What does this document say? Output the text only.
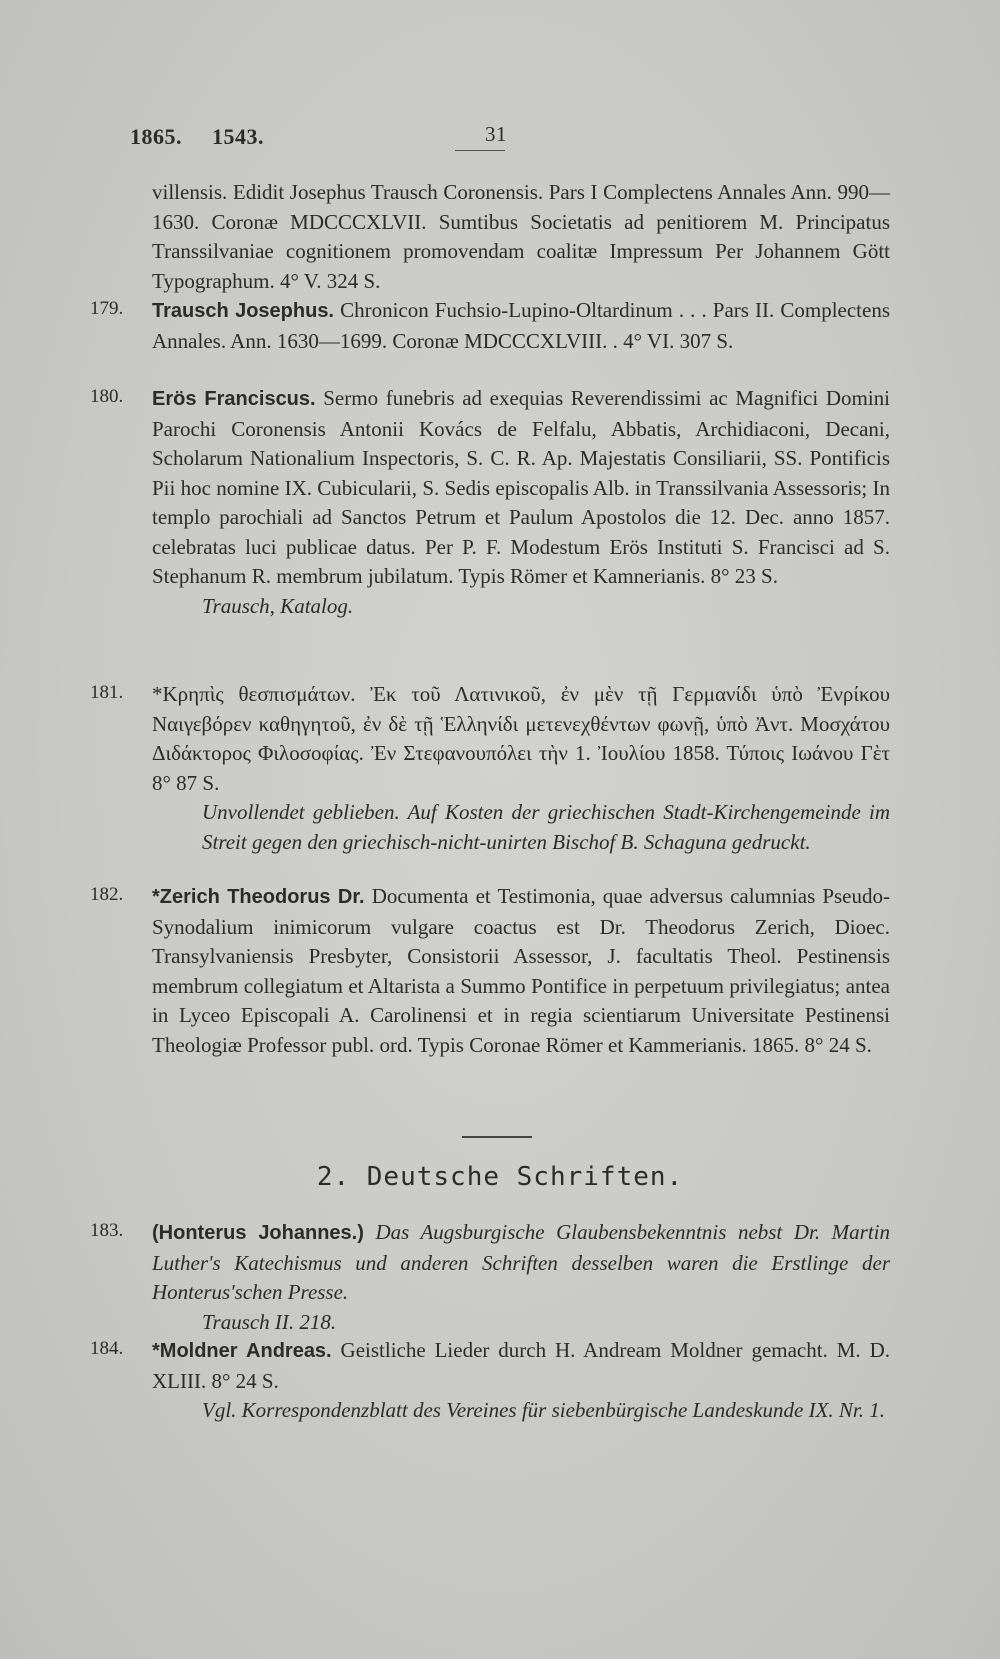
1865. 1543.	31
villensis. Edidit Josephus Trausch Coronensis. Pars I Complectens Annales Ann. 990—1630. Coronæ MDCCCXLVII. Sumtibus Societatis ad penitiorem M. Principatus Transsilvaniae cognitionem promovendam coalitæ Impressum Per Johannem Gött Typographum. 4° V. 324 S.
179.	Trausch Josephus. Chronicon Fuchsio-Lupino-Oltardinum . . . Pars II. Complectens Annales. Ann. 1630—1699. Coronæ MDCCCXLVIII. . 4° VI. 307 S.
180.	Erös Franciscus. Sermo funebris ad exequias Reverendissimi ac Magnifici Domini Parochi Coronensis Antonii Kovács de Felfalu, Abbatis, Archidiaconi, Decani, Scholarum Nationalium Inspectoris, S. C. R. Ap. Majestatis Consiliarii, SS. Pontificis Pii hoc nomine IX. Cubicularii, S. Sedis episcopalis Alb. in Transsilvania Assessoris; In templo parochiali ad Sanctos Petrum et Paulum Apostolos die 12. Dec. anno 1857. celebratas luci publicae datus. Per P. F. Modestum Erös Instituti S. Francisci ad S. Stephanum R. membrum jubilatum. Typis Römer et Kamnerianis. 8° 23 S.
Trausch, Katalog.
181.	*Κρηπὶς θεσπισμάτων. Ἐκ τοῦ Λατινικοῦ, ἐν μὲν τῇ Γερμανίδι ὑπὸ Ἐνρίκου Ναιγεβόρεν καθηγητοῦ, ἐν δὲ τῇ Ἑλληνίδι μετενεχθέντων φωνῇ, ὑπὸ Ἀντ. Μοσχάτου Διδάκτορος Φιλοσοφίας. Ἐν Στεφανουπόλει τὴν 1. Ἰουλίου 1858. Τύποις Ιωάνου Γὲτ 8° 87 S.
Unvollendet geblieben. Auf Kosten der griechischen Stadt-Kirchengemeinde im Streit gegen den griechisch-nicht-unirten Bischof B. Schaguna gedruckt.
182.	*Zerich Theodorus Dr. Documenta et Testimonia, quae adversus calumnias Pseudo-Synodalium inimicorum vulgare coactus est Dr. Theodorus Zerich, Dioec. Transylvaniensis Presbyter, Consistorii Assessor, J. facultatis Theol. Pestinensis membrum collegiatum et Altarista a Summo Pontifice in perpetuum privilegiatus; antea in Lyceo Episcopali A. Carolinensi et in regia scientiarum Universitate Pestinensi Theologiæ Professor publ. ord. Typis Coronae Römer et Kammerianis. 1865. 8° 24 S.
2. Deutsche Schriften.
183.	(Honterus Johannes.) Das Augsburgische Glaubensbekenntnis nebst Dr. Martin Luther's Katechismus und anderen Schriften desselben waren die Erstlinge der Honterus'schen Presse.
Trausch II. 218.
184.	*Moldner Andreas. Geistliche Lieder durch H. Andream Moldner gemacht. M. D. XLIII. 8° 24 S.
Vgl. Korrespondenzblatt des Vereines für siebenbürgische Landeskunde IX. Nr. 1.
